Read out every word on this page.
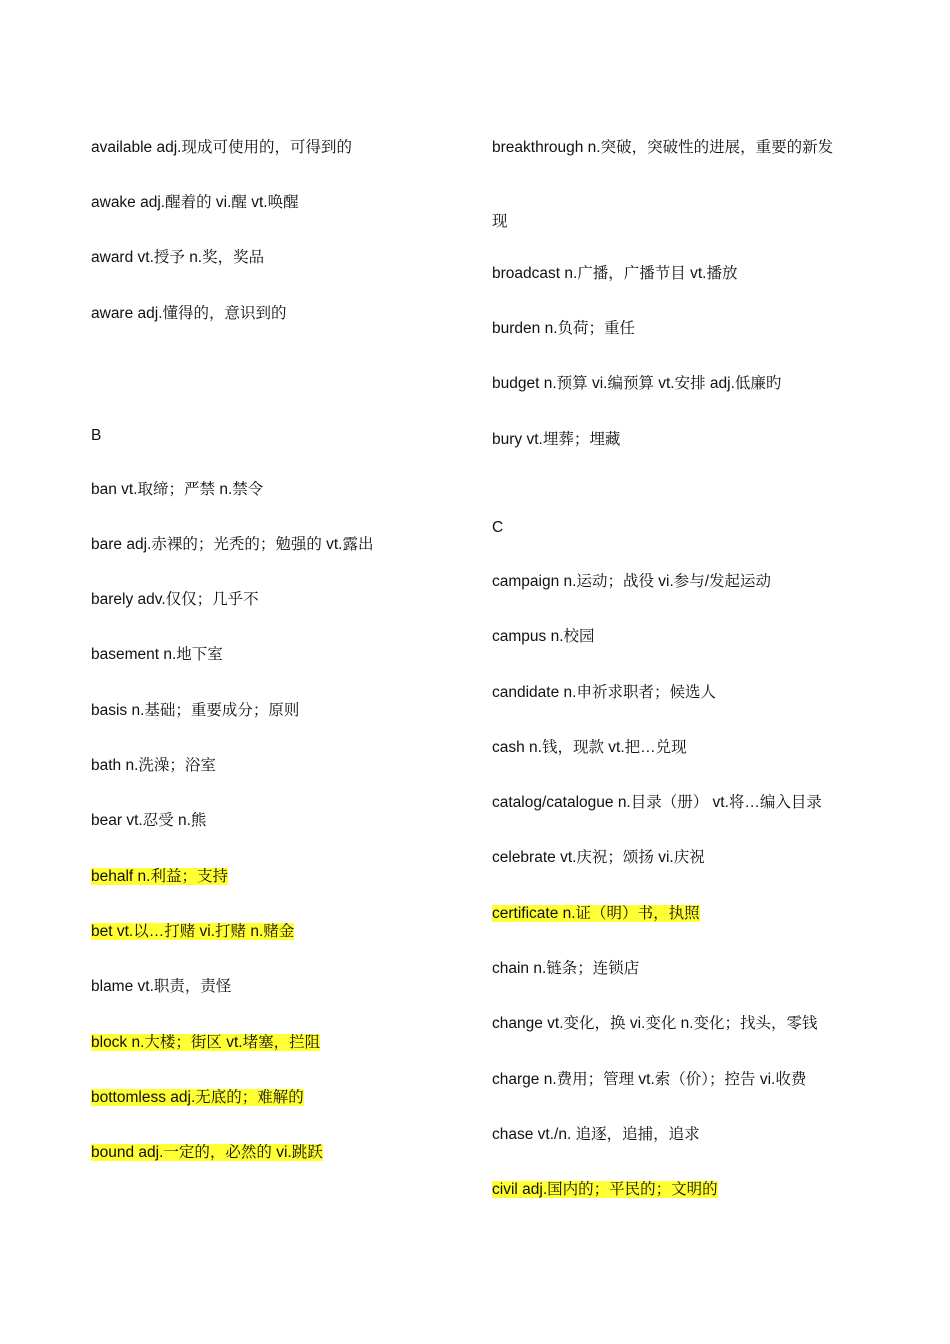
available adj.现成可使用的，可得到的
awake adj.醒着的 vi.醒 vt.唤醒
award vt.授予 n.奖，奖品
aware adj.懂得的，意识到的
B
ban vt.取缔；严禁 n.禁令
bare adj.赤裸的；光秃的；勉强的 vt.露出
barely adv.仅仅；几乎不
basement n.地下室
basis n.基础；重要成分；原则
bath n.洗澡；浴室
bear vt.忍受 n.熊
behalf n.利益；支持
bet vt.以…打赌 vi.打赌 n.赌金
blame vt.职责，责怪
block n.大楼；街区 vt.堵塞，拦阻
bottomless adj.无底的；难解的
bound adj.一定的，必然的 vi.跳跃
breakthrough n.突破，突破性的进展，重要的新发
现
broadcast n.广播，广播节目 vt.播放
burden n.负荷；重任
budget n.预算 vi.编预算 vt.安排 adj.低廉旳
bury vt.埋葬；埋藏
C
campaign n.运动；战役 vi.参与/发起运动
campus n.校园
candidate n.申祈求职者；候选人
cash n.钱，现款 vt.把…兑现
catalog/catalogue n.目录（册） vt.将…编入目录
celebrate vt.庆祝；颂扬 vi.庆祝
certificate n.证（明）书，执照
chain n.链条；连锁店
change vt.变化，换 vi.变化 n.变化；找头，零钱
charge n.费用；管理 vt.索（价）；控告 vi.收费
chase vt./n. 追逐，追捕，追求
civil adj.国内的；平民的；文明的
